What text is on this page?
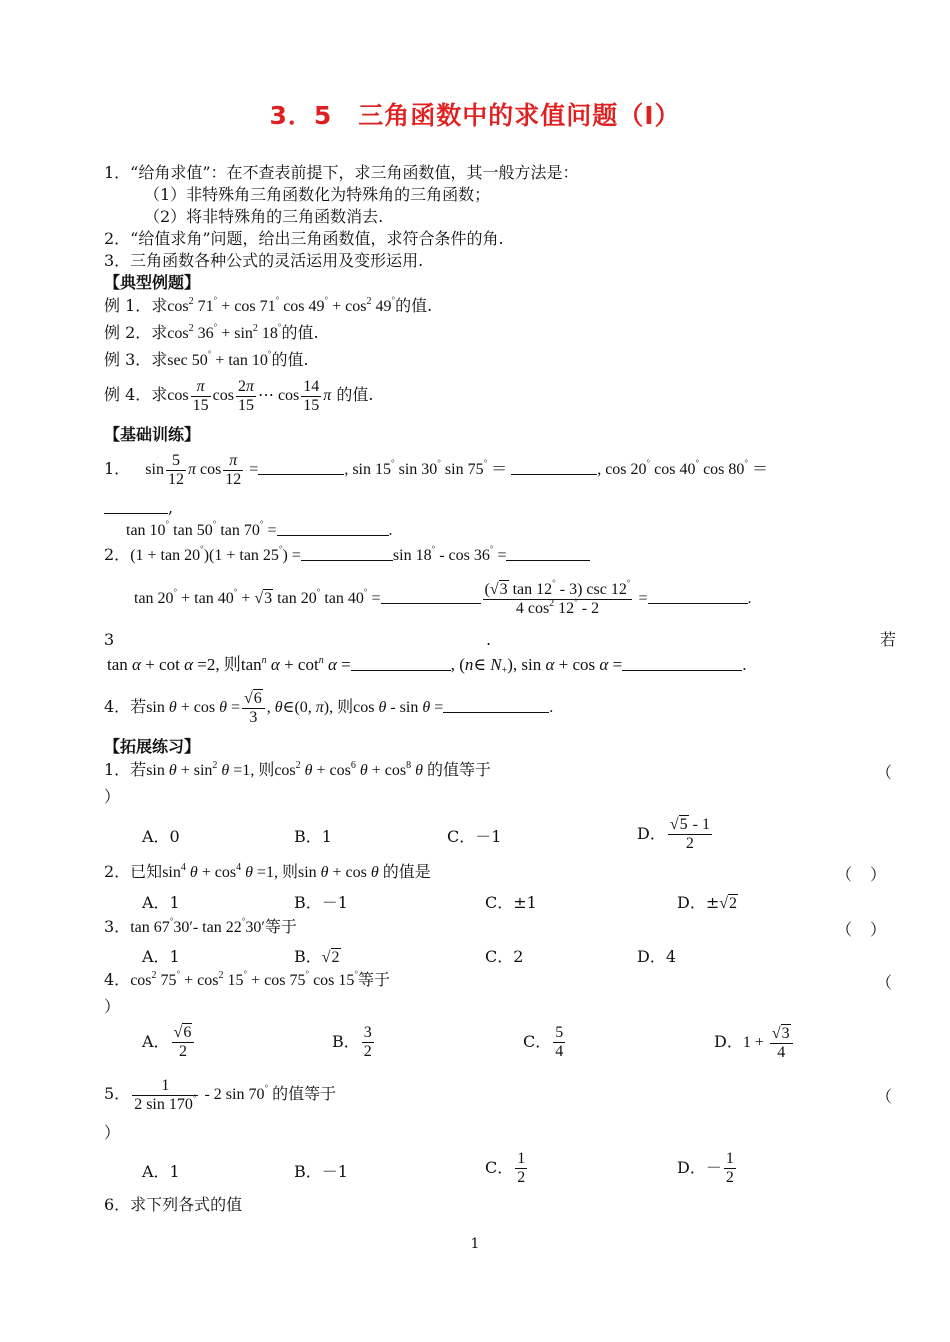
3．5　三角函数中的求值问题（I）
1．“给角求值”：在不查表前提下，求三角函数值，其一般方法是：
（1）非特殊角三角函数化为特殊角的三角函数；
（2）将非特殊角的三角函数消去.
2．“给值求角”问题，给出三角函数值，求符合条件的角.
3．三角函数各种公式的灵活运用及变形运用.
【典型例题】
例 1．求$\cos^2 71^\circ + \cos 71^\circ$ $\cos 49^\circ + \cos^2 49^\circ$的值.
例 2．求$\cos^2 36^\circ + \sin^2 18^\circ$的值.
例 3．求sec 50° + tan 10°的值.
例 4．求$\cos \frac{\pi}{15}$ $\cos \frac{2\pi}{15}$ ⋯ $\cos \frac{14}{15}$ π 的值.
【基础训练】
1． $\sin \frac{5}{12}$ π $\cos \frac{\pi}{12}$ =	, sin 15° sin 30° sin 75° ＝	, cos 20° cos 40° cos 80° ＝
,
tan 10° tan 50° tan 70° =	.
2．(1 + tan 20°)(1 + tan 25°) =	sin 18° - cos 36° =
tan 20° + tan 40° + √3 tan 20° tan 40° =
(√3 tan 12° - 3) csc 12°
4 $\cos^2 12^\circ - 2$
=	.
3	.	若
tan α + cot α =2, 则$\tan^n \alpha + \cot^n \alpha$ =	, (n∈ $N_+$), sin α + cos α =	.
4．若$\sin \theta + \cos \theta = \frac{√6}{3}$ , θ∈(0, π), 则cos θ - sin θ =	.
【拓展练习】
1．若$\sin \theta + \sin^2 \theta =1$, 则$\cos^2 \theta + \cos^6 \theta + \cos^8 \theta$ 的值等于	（
）
A．0	B．1	C．－1	D． $\frac{√5 - 1}{2}$
2．已知$\sin^4 \theta + \cos^4 \theta =1$, 则sin θ + cos θ 的值是	（）
A．1	B．－1	C．±1	D．±√2
3．tan 67°30′- tan 22°30′等于	（）
A．1	B．√2	C．2	D．4
4．$\cos^2 75^\circ + \cos^2 15^\circ + \cos 75^\circ$ cos 15°等于	（
）
A． $\frac{√6}{2}$	B． $\frac{3}{2}$	C． $\frac{5}{4}$	D．$1 + \frac{√3}{4}$
5． $\frac{1}{2 \sin 170^\circ} - 2$ sin 70° 的值等于	（
）
A．1	B．－1	C． $\frac{1}{2}$	D．－ $\frac{1}{2}$
6．求下列各式的值
1
